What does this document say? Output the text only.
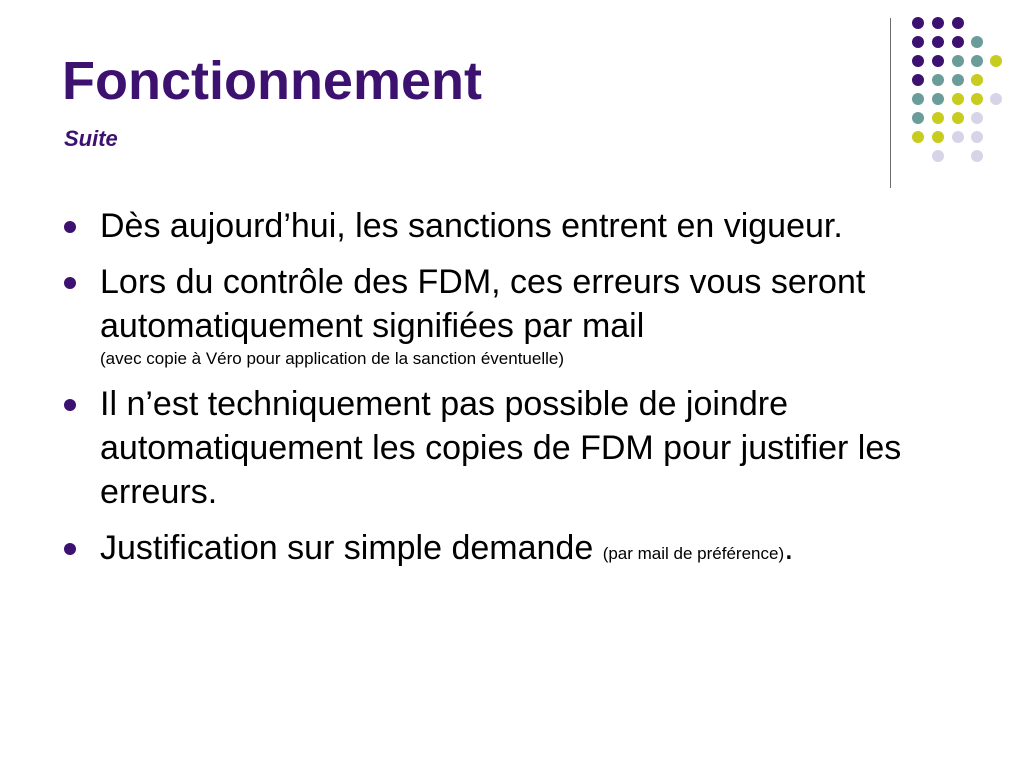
Fonctionnement
Suite
Dès aujourd’hui, les sanctions entrent en vigueur.
Lors du contrôle des FDM, ces erreurs vous seront automatiquement signifiées par mail
(avec copie à Véro pour application de la sanction éventuelle)
Il n’est techniquement pas possible de joindre automatiquement les copies de FDM pour justifier les erreurs.
Justification sur simple demande (par mail de préférence).
